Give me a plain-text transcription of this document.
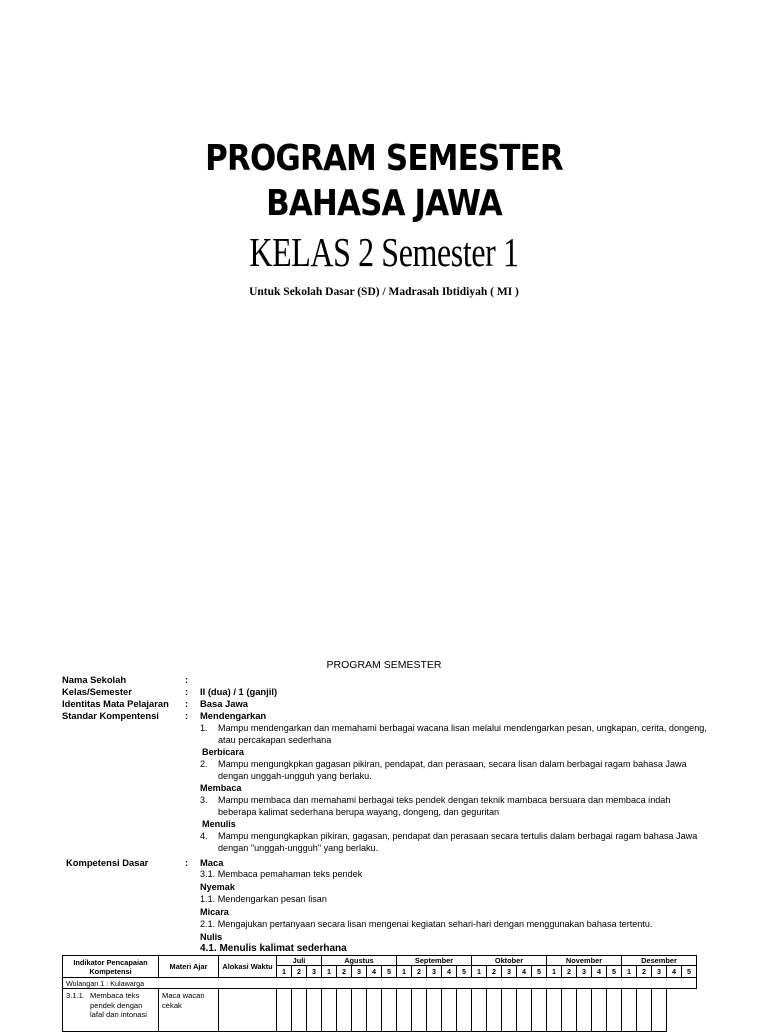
PROGRAM SEMESTER
BAHASA JAWA
KELAS 2 Semester 1
Untuk Sekolah Dasar (SD) / Madrasah Ibtidiyah ( MI )
PROGRAM SEMESTER
Nama Sekolah	:
Kelas/Semester	: II (dua) / 1 (ganjil)
Identitas Mata Pelajaran : Basa Jawa
Standar Kompentensi	: Mendengarkan
1. Mampu mendengarkan dan memahami berbagai wacana lisan melalui mendengarkan pesan, ungkapan, cerita, dongeng, atau percakapan sederhana
Berbicara
2. Mampu mengungkpkan gagasan pikiran, pendapat, dan perasaan, secara lisan dalam berbagai ragam bahasa Jawa dengan unggah-ungguh yang berlaku.
Membaca
3. Mampu membaca dan memahami berbagai teks pendek dengan teknik mambaca bersuara dan membaca indah beberapa kalimat sederhana berupa wayang, dongeng, dan geguritan
Menulis
4. Mampu mengungkapkan pikiran, gagasan, pendapat dan perasaan secara tertulis dalam berbagai ragam bahasa Jawa dengan "unggah-ungguh" yang berlaku.
Kompetensi Dasar	: Maca
3.1. Membaca pemahaman teks pendek
Nyemak
1.1. Mendengarkan pesan lisan
Micara
2.1. Mengajukan pertanyaan secara lisan mengenai kegiatan sehari-hari dengan menggunakan bahasa tertentu.
Nulis
4.1. Menulis kalimat sederhana
Indikator Pencapaian Kompetensi	Materi Ajar	Alokasi Waktu	Juli			Agustus					September					Oktober					November					Desember				
			1	2	3	1	2	3	4	5	1	2	3	4	5	1	2	3	4	5	1	2	3	4	5	1	2	3	4	5
Wulangan 1 : Kulawarga																														

3.1.1. Membaca teks pendek dengan lafal dan intonasi	Maca wacan cekak																													
